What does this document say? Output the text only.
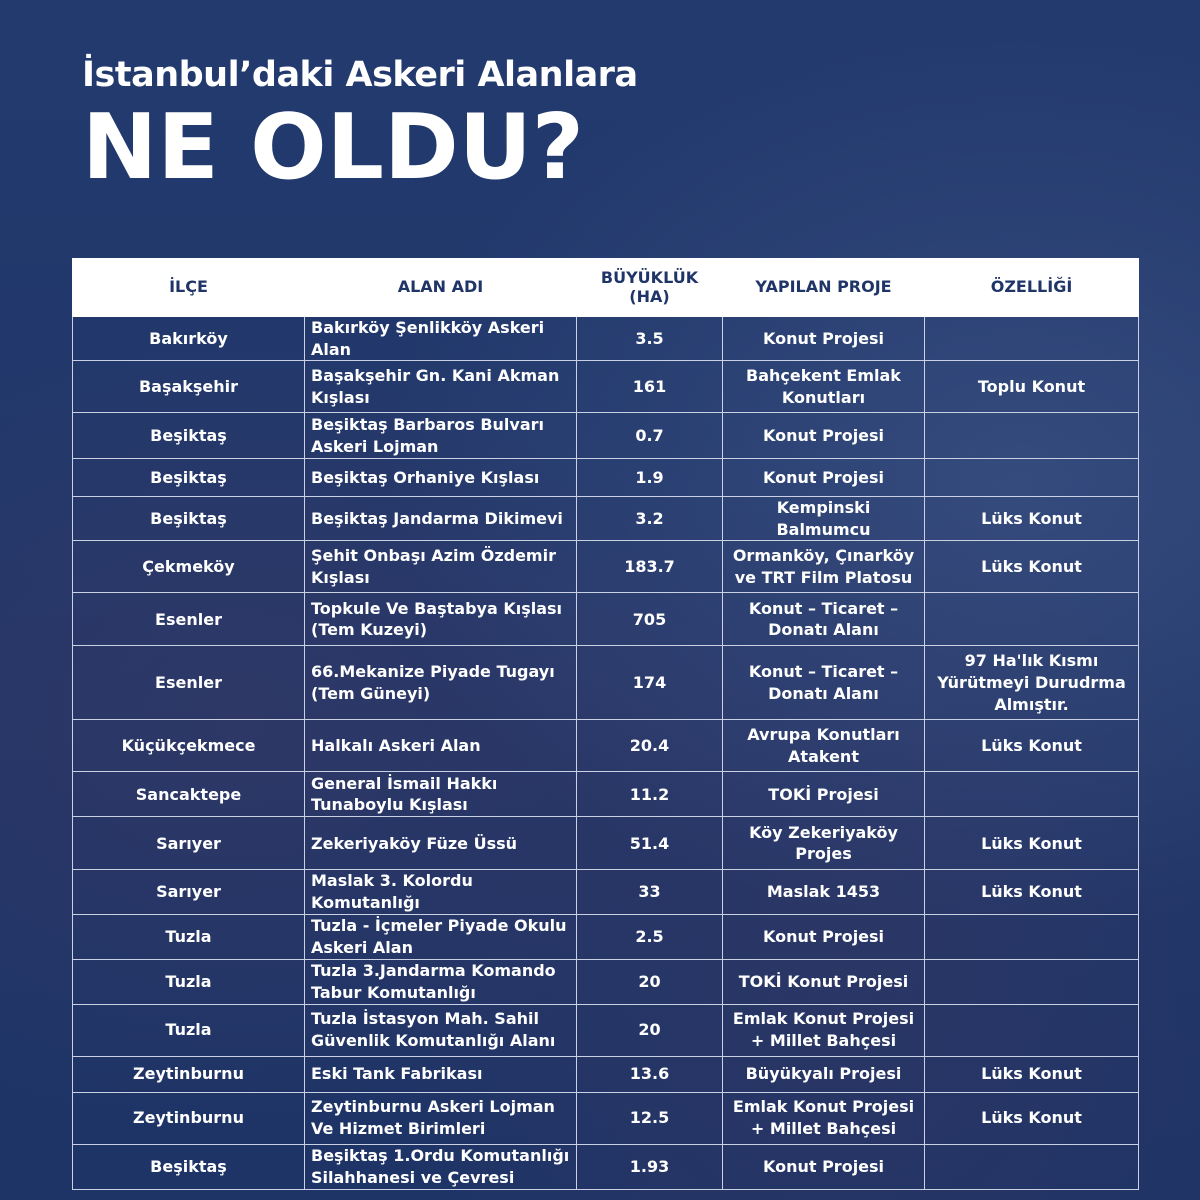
İstanbul’daki Askeri Alanlara
NE OLDU?
İLÇE	ALAN ADI	BÜYÜKLÜK (HA)	YAPILAN PROJE	ÖZELLİĞİ
Bakırköy	Bakırköy Şenlikköy Askeri Alan	3.5	Konut Projesi	
Başakşehir	Başakşehir Gn. Kani Akman Kışlası	161	Bahçekent Emlak Konutları	Toplu Konut
Beşiktaş	Beşiktaş Barbaros Bulvarı Askeri Lojman	0.7	Konut Projesi	
Beşiktaş	Beşiktaş Orhaniye Kışlası	1.9	Konut Projesi	
Beşiktaş	Beşiktaş Jandarma Dikimevi	3.2	Kempinski Balmumcu	Lüks Konut
Çekmeköy	Şehit Onbaşı Azim Özdemir Kışlası	183.7	Ormanköy, Çınarköy ve TRT Film Platosu	Lüks Konut
Esenler	Topkule Ve Baştabya Kışlası (Tem Kuzeyi)	705	Konut – Ticaret – Donatı Alanı	
Esenler	66.Mekanize Piyade Tugayı (Tem Güneyi)	174	Konut – Ticaret – Donatı Alanı	97 Ha'lık Kısmı Yürütmeyi Durudrma Almıştır.
Küçükçekmece	Halkalı Askeri Alan	20.4	Avrupa Konutları Atakent	Lüks Konut
Sancaktepe	General İsmail Hakkı Tunaboylu Kışlası	11.2	TOKİ Projesi	
Sarıyer	Zekeriyaköy Füze Üssü	51.4	Köy Zekeriyaköy Projes	Lüks Konut
Sarıyer	Maslak 3. Kolordu Komutanlığı	33	Maslak 1453	Lüks Konut
Tuzla	Tuzla - İçmeler Piyade Okulu Askeri Alan	2.5	Konut Projesi	
Tuzla	Tuzla 3.Jandarma Komando Tabur Komutanlığı	20	TOKİ Konut Projesi	
Tuzla	Tuzla İstasyon Mah. Sahil Güvenlik Komutanlığı Alanı	20	Emlak Konut Projesi + Millet Bahçesi	
Zeytinburnu	Eski Tank Fabrikası	13.6	Büyükyalı Projesi	Lüks Konut
Zeytinburnu	Zeytinburnu Askeri Lojman Ve Hizmet Birimleri	12.5	Emlak Konut Projesi + Millet Bahçesi	Lüks Konut
Beşiktaş	Beşiktaş 1.Ordu Komutanlığı Silahhanesi ve Çevresi	1.93	Konut Projesi	
